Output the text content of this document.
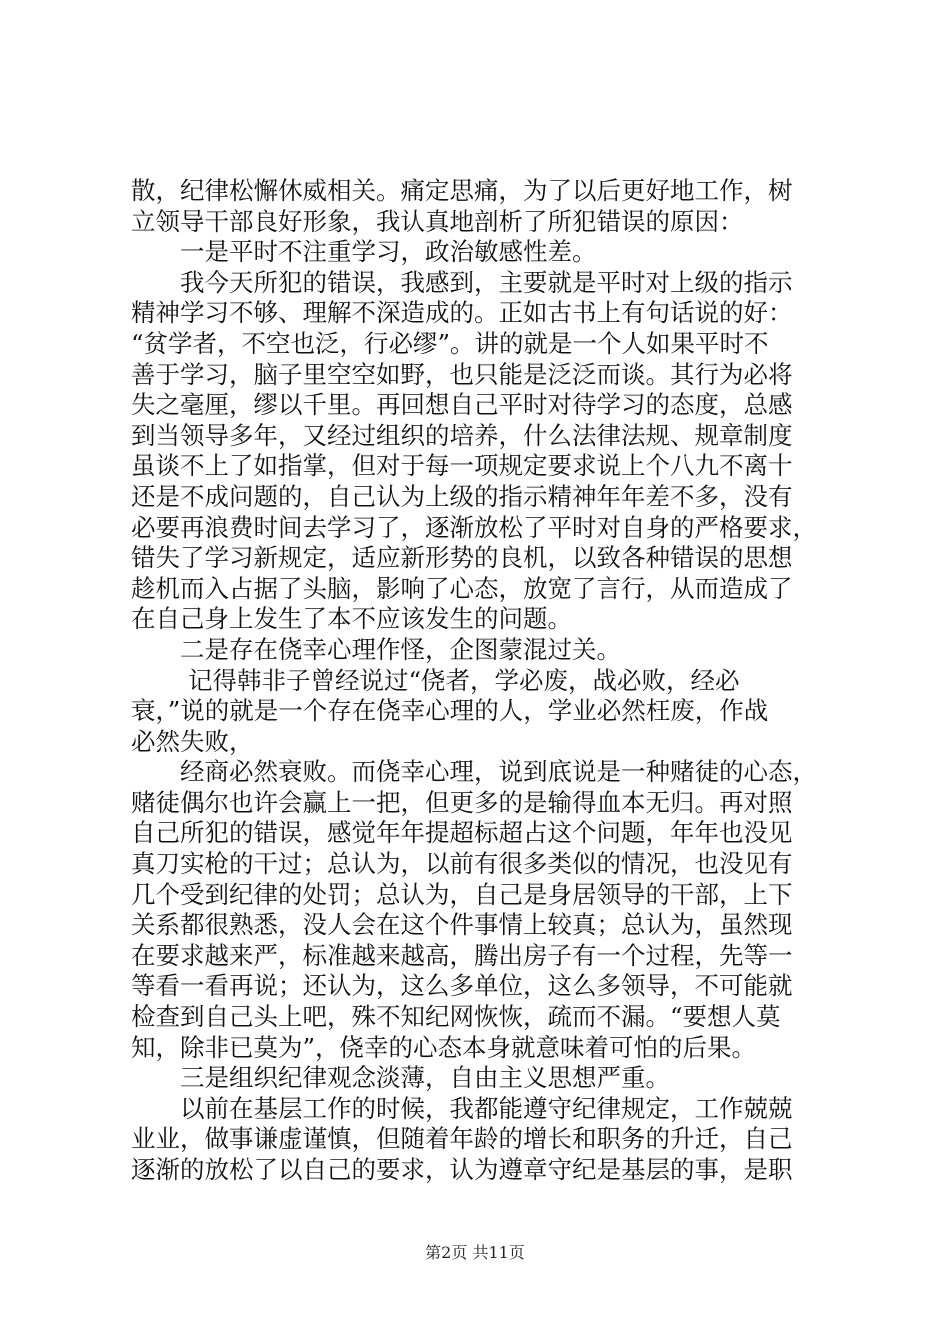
散，纪律松懈休威相关。痛定思痛，为了以后更好地工作，树

立领导干部良好形象，我认真地剖析了所犯错误的原因：

一是平时不注重学习，政治敏感性差。

我今天所犯的错误，我感到，主要就是平时对上级的指示

精神学习不够、理解不深造成的。正如古书上有句话说的好：

“贫学者，不空也泛，行必缪”。讲的就是一个人如果平时不

善于学习，脑子里空空如野，也只能是泛泛而谈。其行为必将

失之毫厘，缪以千里。再回想自己平时对待学习的态度，总感

到当领导多年，又经过组织的培养，什么法律法规、规章制度

虽谈不上了如指掌，但对于每一项规定要求说上个八九不离十

还是不成问题的，自己认为上级的指示精神年年差不多，没有

必要再浪费时间去学习了，逐渐放松了平时对自身的严格要求，

错失了学习新规定，适应新形势的良机，以致各种错误的思想

趁机而入占据了头脑，影响了心态，放宽了言行，从而造成了

在自己身上发生了本不应该发生的问题。

二是存在侥幸心理作怪，企图蒙混过关。

记得韩非子曾经说过“侥者，学必废，战必败，经必

衰，”说的就是一个存在侥幸心理的人，学业必然枉废，作战

必然失败，

经商必然衰败。而侥幸心理，说到底说是一种赌徒的心态，

赌徒偶尔也许会赢上一把，但更多的是输得血本无归。再对照

自己所犯的错误，感觉年年提超标超占这个问题，年年也没见

真刀实枪的干过；总认为，以前有很多类似的情况，也没见有

几个受到纪律的处罚；总认为，自己是身居领导的干部，上下

关系都很熟悉，没人会在这个件事情上较真；总认为，虽然现

在要求越来严，标准越来越高，腾出房子有一个过程，先等一

等看一看再说；还认为，这么多单位，这么多领导，不可能就

检查到自己头上吧，殊不知纪网恢恢，疏而不漏。“要想人莫

知，除非已莫为”，侥幸的心态本身就意味着可怕的后果。

三是组织纪律观念淡薄，自由主义思想严重。

以前在基层工作的时候，我都能遵守纪律规定，工作兢兢

业业，做事谦虚谨慎，但随着年龄的增长和职务的升迁，自己

逐渐的放松了以自己的要求，认为遵章守纪是基层的事，是职

第2页 共11页
